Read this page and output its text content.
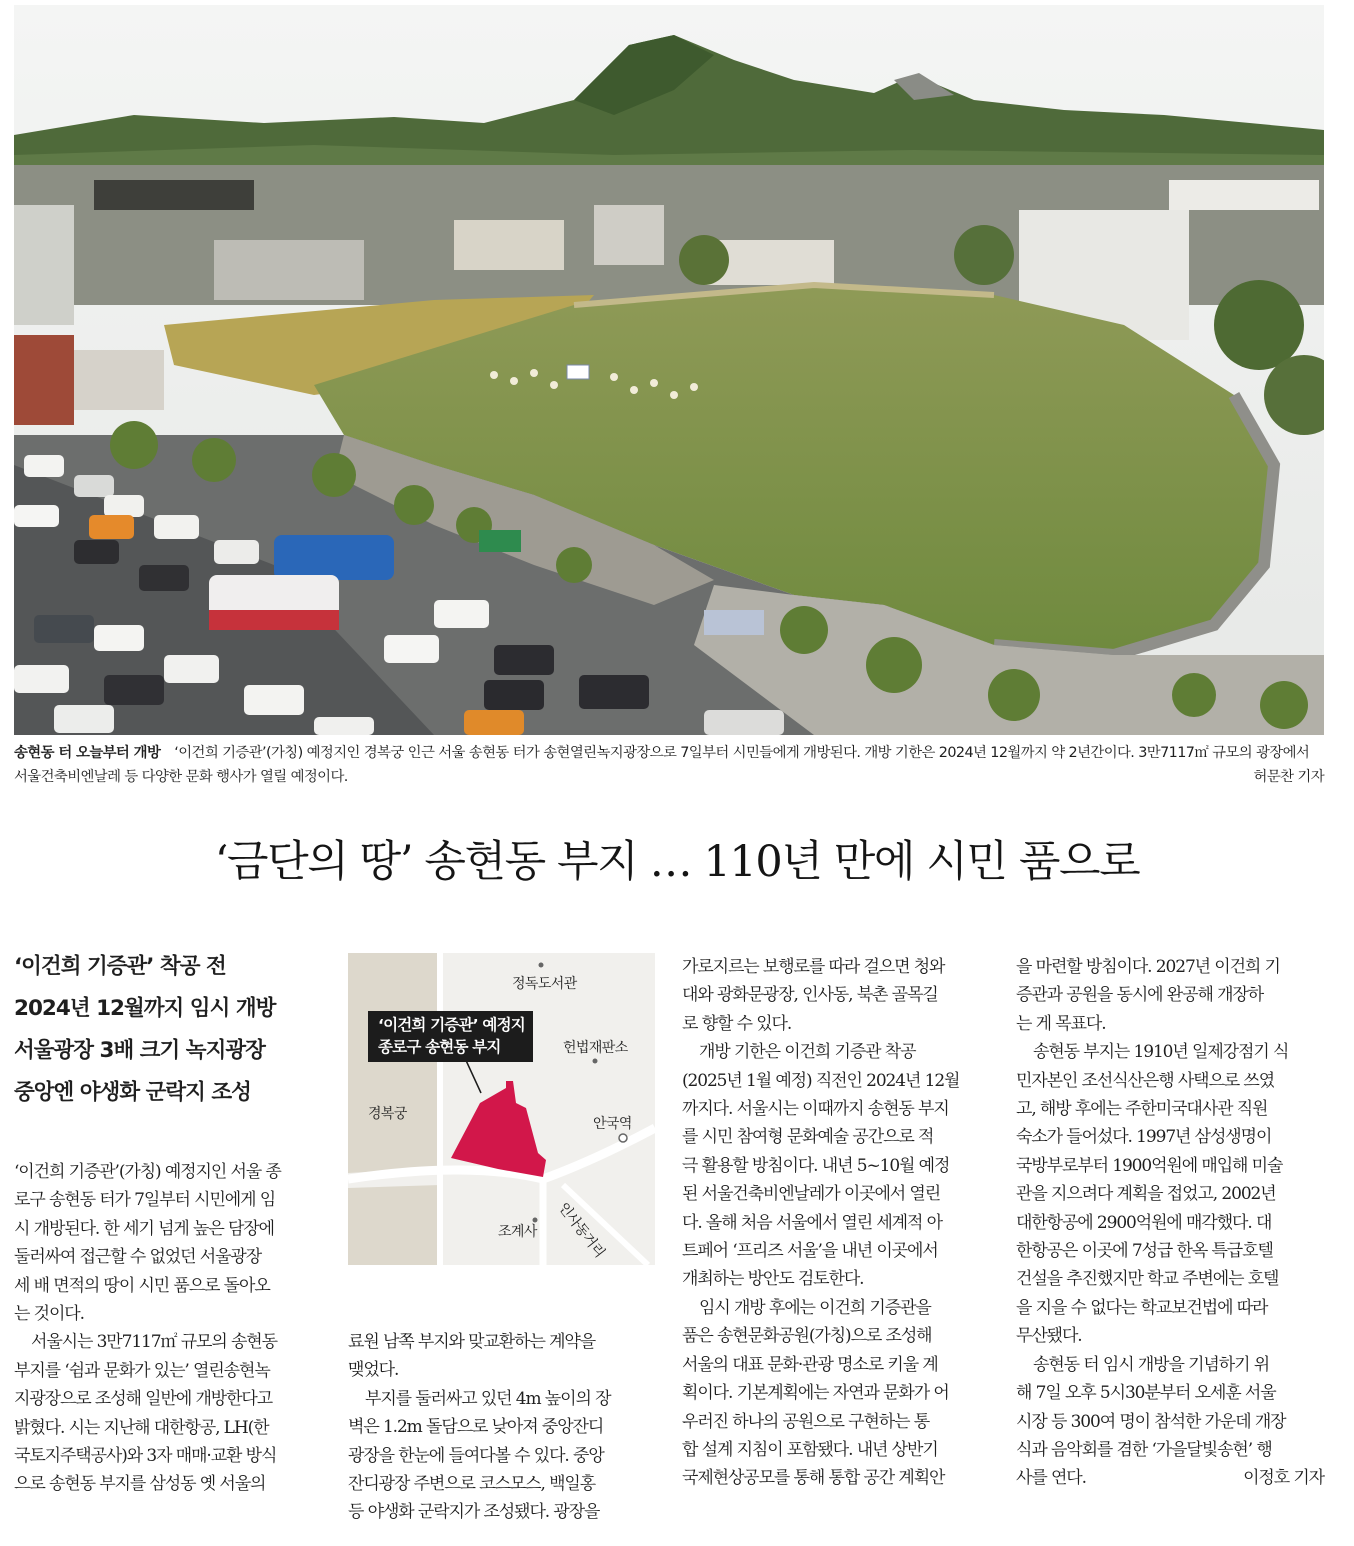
송현동 터 오늘부터 개방 ‘이건희 기증관’(가칭) 예정지인 경복궁 인근 서울 송현동 터가 송현열린녹지광장으로 7일부터 시민들에게 개방된다. 개방 기한은 2024년 12월까지 약 2년간이다. 3만7117㎡ 규모의 광장에서 서울건축비엔날레 등 다양한 문화 행사가 열릴 예정이다.	허문찬 기자
‘금단의 땅’ 송현동 부지 … 110년 만에 시민 품으로
‘이건희 기증관’ 착공 전
2024년 12월까지 임시 개방
서울광장 3배 크기 녹지광장
중앙엔 야생화 군락지 조성
‘이건희 기증관’ 예정지
종로구 송현동 부지
정독도서관
헌법재판소
경복궁
안국역
인사동거리
조계사

‘이건희 기증관’(가칭) 예정지인 서울 종
로구 송현동 터가 7일부터 시민에게 임
시 개방된다. 한 세기 넘게 높은 담장에
둘러싸여 접근할 수 없었던 서울광장
세 배 면적의 땅이 시민 품으로 돌아오
는 것이다.

서울시는 3만7117㎡ 규모의 송현동
부지를 ‘쉼과 문화가 있는’ 열린송현녹
지광장으로 조성해 일반에 개방한다고
밝혔다. 시는 지난해 대한항공, LH(한
국토지주택공사)와 3자 매매·교환 방식
으로 송현동 부지를 삼성동 옛 서울의

료원 남쪽 부지와 맞교환하는 계약을
맺었다.

부지를 둘러싸고 있던 4m 높이의 장
벽은 1.2m 돌담으로 낮아져 중앙잔디
광장을 한눈에 들여다볼 수 있다. 중앙
잔디광장 주변으로 코스모스, 백일홍
등 야생화 군락지가 조성됐다. 광장을

가로지르는 보행로를 따라 걸으면 청와
대와 광화문광장, 인사동, 북촌 골목길
로 향할 수 있다.

개방 기한은 이건희 기증관 착공
(2025년 1월 예정) 직전인 2024년 12월
까지다. 서울시는 이때까지 송현동 부지
를 시민 참여형 문화예술 공간으로 적
극 활용할 방침이다. 내년 5~10월 예정
된 서울건축비엔날레가 이곳에서 열린
다. 올해 처음 서울에서 열린 세계적 아
트페어 ‘프리즈 서울’을 내년 이곳에서
개최하는 방안도 검토한다.

임시 개방 후에는 이건희 기증관을
품은 송현문화공원(가칭)으로 조성해
서울의 대표 문화·관광 명소로 키울 계
획이다. 기본계획에는 자연과 문화가 어
우러진 하나의 공원으로 구현하는 통
합 설계 지침이 포함됐다. 내년 상반기
국제현상공모를 통해 통합 공간 계획안

을 마련할 방침이다. 2027년 이건희 기
증관과 공원을 동시에 완공해 개장하
는 게 목표다.

송현동 부지는 1910년 일제강점기 식
민자본인 조선식산은행 사택으로 쓰였
고, 해방 후에는 주한미국대사관 직원
숙소가 들어섰다. 1997년 삼성생명이
국방부로부터 1900억원에 매입해 미술
관을 지으려다 계획을 접었고, 2002년
대한항공에 2900억원에 매각했다. 대
한항공은 이곳에 7성급 한옥 특급호텔
건설을 추진했지만 학교 주변에는 호텔
을 지을 수 없다는 학교보건법에 따라
무산됐다.

송현동 터 임시 개방을 기념하기 위
해 7일 오후 5시30분부터 오세훈 서울
시장 등 300여 명이 참석한 가운데 개장
식과 음악회를 겸한 ‘가을달빛송현’ 행
사를 연다.	이정호 기자
